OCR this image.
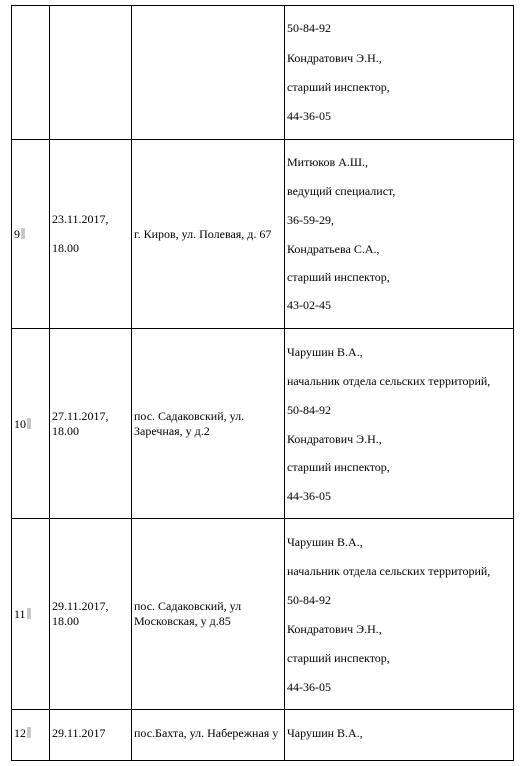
50-84-92
Кондратович Э.Н.,
старший инспектор,
44-36-05
9
23.11.2017,
18.00
г. Киров, ул. Полевая, д. 67
Митюков А.Ш.,
ведущий специалист,
36-59-29,
Кондратьева С.А.,
старший инспектор,
43-02-45
10
27.11.2017,
18.00
пос. Садаковский, ул.
Заречная, у д.2
Чарушин В.А.,
начальник отдела сельских территорий,
50-84-92
Кондратович Э.Н.,
старший инспектор,
44-36-05
11
29.11.2017,
18.00
пос. Садаковский, ул
Московская, у д.85
Чарушин В.А.,
начальник отдела сельских территорий,
50-84-92
Кондратович Э.Н.,
старший инспектор,
44-36-05
12	29.11.2017 пос.Бахта, ул. Набережная у Чарушин В.А.,
